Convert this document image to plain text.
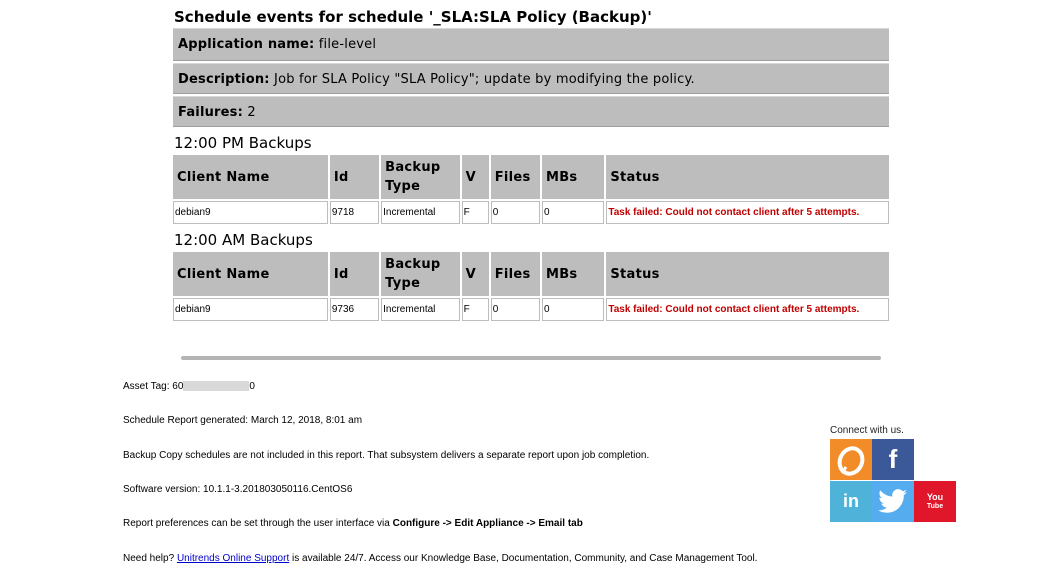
Schedule events for schedule '_SLA:SLA Policy (Backup)'
Application name: file-level
Description: Job for SLA Policy "SLA Policy"; update by modifying the policy.
Failures: 2
12:00 PM Backups
Client Name	Id	Backup Type	V	Files	MBs	Status
debian9	9718	Incremental	F	0	0	Task failed: Could not contact client after 5 attempts.
12:00 AM Backups
Client Name	Id	Backup Type	V	Files	MBs	Status
debian9	9736	Incremental	F	0	0	Task failed: Could not contact client after 5 attempts.
Asset Tag: 60	0
Schedule Report generated: March 12, 2018, 8:01 am
Backup Copy schedules are not included in this report. That subsystem delivers a separate report upon job completion.
Software version: 10.1.1-3.201803050116.CentOS6
Report preferences can be set through the user interface via Configure -> Edit Appliance -> Email tab
Need help? Unitrends Online Support is available 24/7. Access our Knowledge Base, Documentation, Community, and Case Management Tool.
Connect with us.
f
in	You
Tube
